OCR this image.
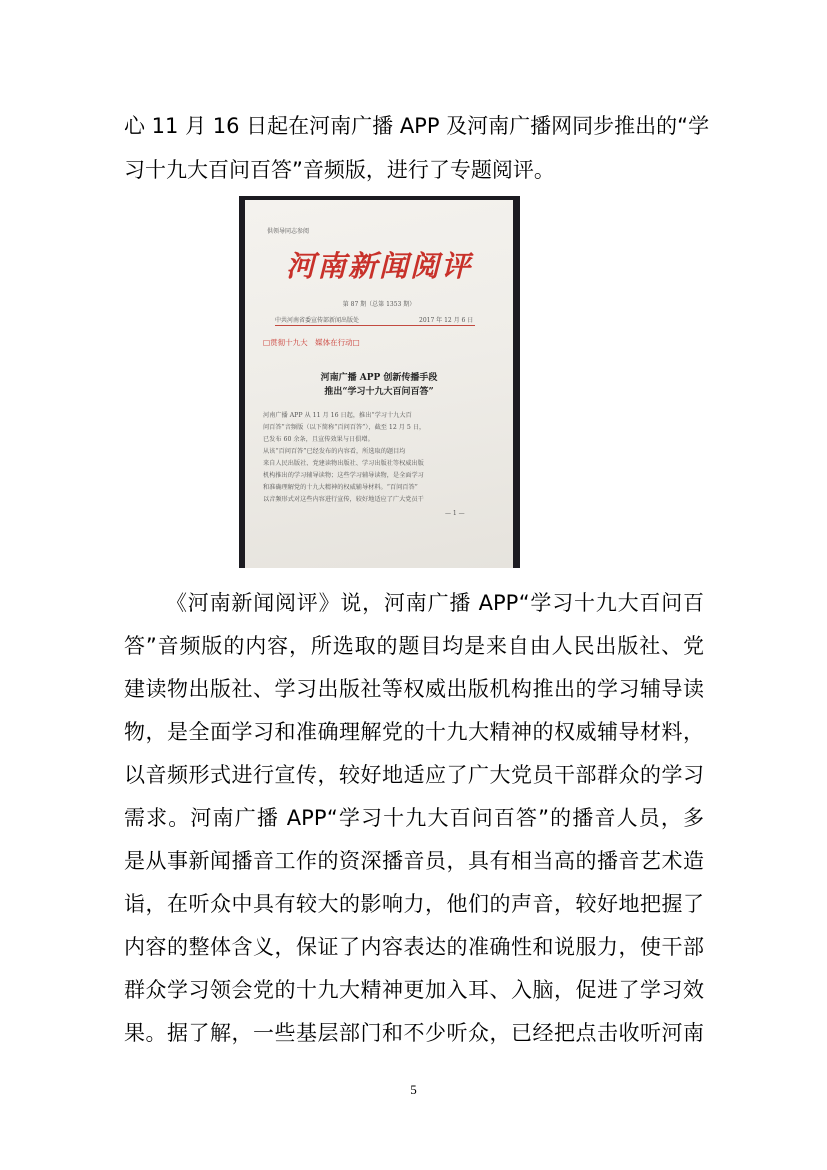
心 11 月 16 日起在河南广播 APP 及河南广播网同步推出的“学
习十九大百问百答”音频版，进行了专题阅评。
供领导同志参阅
河南新闻阅评
第 87 期（总第 1353 期）
中共河南省委宣传部新闻出版处	2017 年 12 月 6 日
□贯彻十九大　媒体在行动□
河南广播 APP 创新传播手段
推出“学习十九大百问百答”
河南广播 APP 从 11 月 16 日起，推出“学习十九大百
问百答”音频版（以下简称“百问百答”），截至 12 月 5 日，
已发布 60 余条，且宣传效果与日俱增。
从该“百问百答”已经发布的内容看，所选取的题目均
来自人民出版社、党建读物出版社、学习出版社等权威出版
机构推出的学习辅导读物；这些学习辅导读物，是全面学习
和准确理解党的十九大精神的权威辅导材料。“百问百答”
以音频形式对这些内容进行宣传，较好地适应了广大党员干
— 1 —
《河南新闻阅评》说，河南广播 APP“学习十九大百问百
答”音频版的内容，所选取的题目均是来自由人民出版社、党
建读物出版社、学习出版社等权威出版机构推出的学习辅导读
物，是全面学习和准确理解党的十九大精神的权威辅导材料，
以音频形式进行宣传，较好地适应了广大党员干部群众的学习
需求。河南广播 APP“学习十九大百问百答”的播音人员，多
是从事新闻播音工作的资深播音员，具有相当高的播音艺术造
诣，在听众中具有较大的影响力，他们的声音，较好地把握了
内容的整体含义，保证了内容表达的准确性和说服力，使干部
群众学习领会党的十九大精神更加入耳、入脑，促进了学习效
果。据了解，一些基层部门和不少听众，已经把点击收听河南
5
